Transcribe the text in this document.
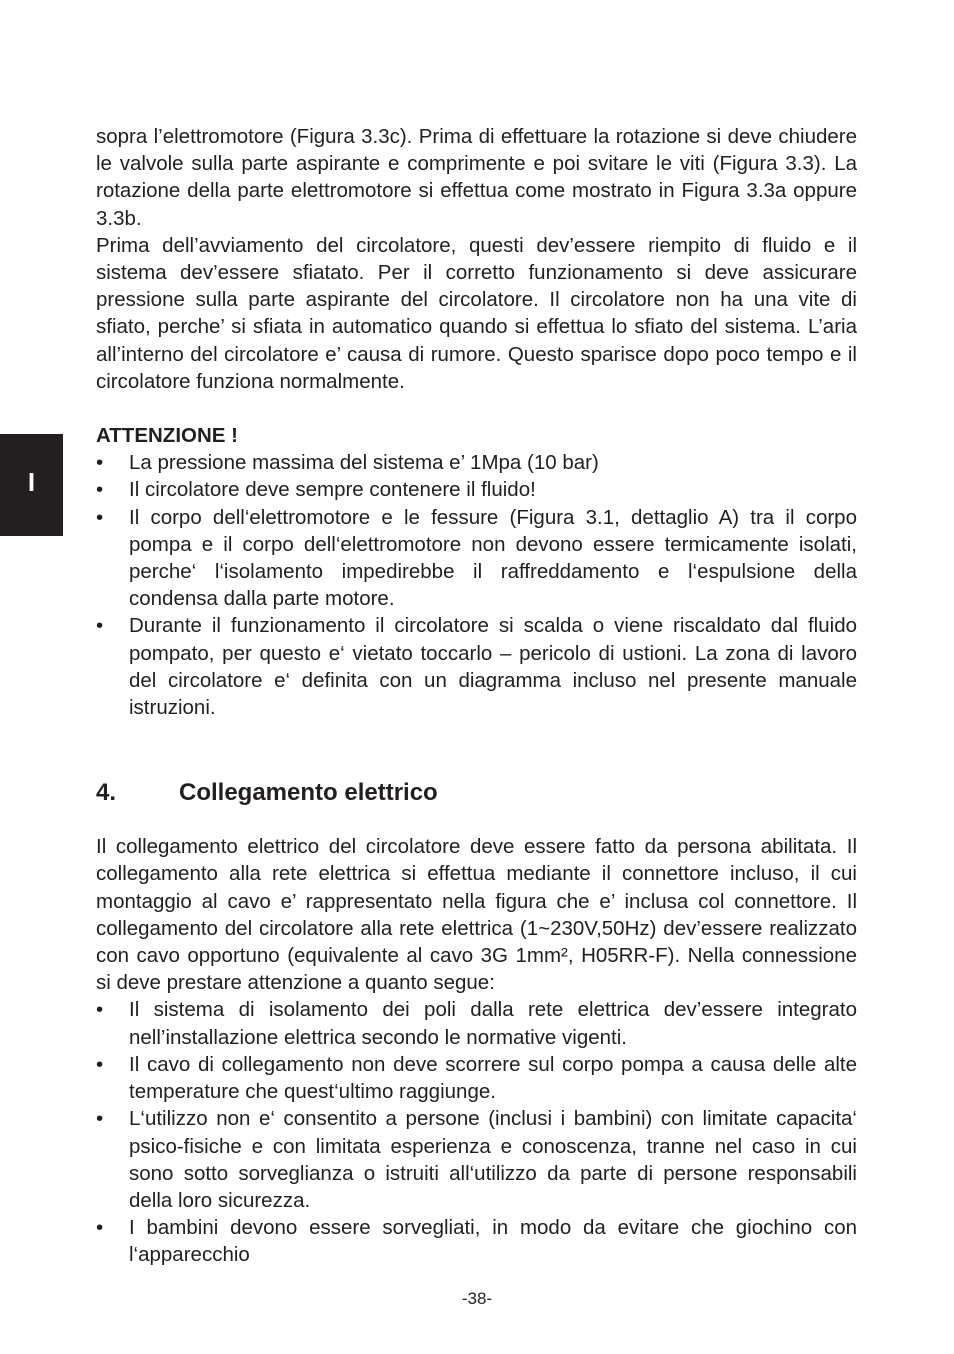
I

sopra l’elettromotore (Figura 3.3c). Prima di effettuare la rotazione si deve chiudere le valvole sulla parte aspirante e comprimente e poi svitare le viti (Figura 3.3). La rotazione della parte elettromotore si effettua come mostrato in Figura 3.3a oppure 3.3b.

Prima dell’avviamento del circolatore, questi dev’essere riempito di fluido e il sistema dev’essere sfiatato. Per il corretto funzionamento si deve assicurare pressione sulla parte aspirante del circolatore. Il circolatore non ha una vite di sfiato, perche’ si sfiata in automatico quando si effettua lo sfiato del sistema. L’aria all’interno del circolatore e’ causa di rumore. Questo sparisce dopo poco tempo e il circolatore funziona normalmente.

ATTENZIONE !

• La pressione massima del sistema e’ 1Mpa (10 bar)
• Il circolatore deve sempre contenere il fluido!
• Il corpo dell‘elettromotore e le fessure (Figura 3.1, dettaglio A) tra il corpo pompa e il corpo dell‘elettromotore non devono essere termicamente isolati, perche‘ l‘isolamento impedirebbe il raffreddamento e l‘espulsione della condensa dalla parte motore.
• Durante il funzionamento il circolatore si scalda o viene riscaldato dal fluido pompato, per questo e‘ vietato toccarlo – pericolo di ustioni. La zona di lavoro del circolatore e‘ definita con un diagramma incluso nel presente manuale istruzioni.
4.	Collegamento elettrico

Il collegamento elettrico del circolatore deve essere fatto da persona abilitata. Il collegamento alla rete elettrica si effettua mediante il connettore incluso, il cui montaggio al cavo e’ rappresentato nella figura che e’ inclusa col connettore. Il collegamento del circolatore alla rete elettrica (1~230V,50Hz) dev’essere realizzato con cavo opportuno (equivalente al cavo 3G 1mm², H05RR-F). Nella connessione si deve prestare attenzione a quanto segue:

• Il sistema di isolamento dei poli dalla rete elettrica dev’essere integrato nell’installazione elettrica secondo le normative vigenti.
• Il cavo di collegamento non deve scorrere sul corpo pompa a causa delle alte temperature che quest‘ultimo raggiunge.
• L‘utilizzo non e‘ consentito a persone (inclusi i bambini) con limitate capacita‘ psico-fisiche e con limitata esperienza e conoscenza, tranne nel caso in cui sono sotto sorveglianza o istruiti all‘utilizzo da parte di persone responsabili della loro sicurezza.
• I bambini devono essere sorvegliati, in modo da evitare che giochino con l‘apparecchio
-38-
